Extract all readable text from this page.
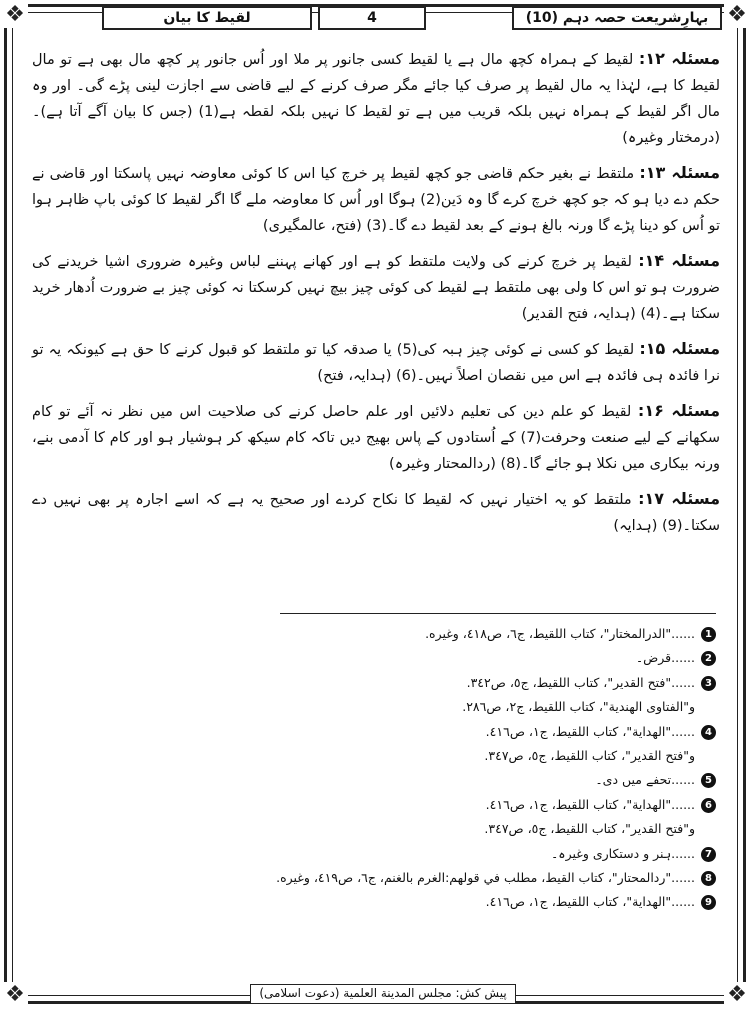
❖	❖
❖	❖
بہارِشریعت حصہ دہم (10)
4
لقیط کا بیان

مسئلہ ۱۲: لقیط کے ہمراہ کچھ مال ہے یا لقیط کسی جانور پر ملا اور اُس جانور پر کچھ مال بھی ہے تو مال لقیط کا ہے، لہٰذا یہ مال لقیط پر صرف کیا جائے مگر صرف کرنے کے لیے قاضی سے اجازت لینی پڑے گی۔ اور وہ مال اگر لقیط کے ہمراہ نہیں بلکہ قریب میں ہے تو لقیط کا نہیں بلکہ لقطہ ہے(1) (جس کا بیان آگے آتا ہے)۔ (درمختار وغیرہ)

مسئلہ ۱۳: ملتقط نے بغیر حکم قاضی جو کچھ لقیط پر خرچ کیا اس کا کوئی معاوضہ نہیں پاسکتا اور قاضی نے حکم دے دیا ہو کہ جو کچھ خرچ کرے گا وہ دَین(2) ہوگا اور اُس کا معاوضہ ملے گا اگر لقیط کا کوئی باپ ظاہر ہوا تو اُس کو دینا پڑے گا ورنہ بالغ ہونے کے بعد لقیط دے گا۔(3) (فتح، عالمگیری)

مسئلہ ۱۴: لقیط پر خرچ کرنے کی ولایت ملتقط کو ہے اور کھانے پہننے لباس وغیرہ ضروری اشیا خریدنے کی ضرورت ہو تو اس کا ولی بھی ملتقط ہے لقیط کی کوئی چیز بیچ نہیں کرسکتا نہ کوئی چیز بے ضرورت اُدھار خرید سکتا ہے۔(4) (ہدایہ، فتح القدیر)

مسئلہ ۱۵: لقیط کو کسی نے کوئی چیز ہبہ کی(5) یا صدقہ کیا تو ملتقط کو قبول کرنے کا حق ہے کیونکہ یہ تو نرا فائدہ ہی فائدہ ہے اس میں نقصان اصلاً نہیں۔(6) (ہدایہ، فتح)

مسئلہ ۱۶: لقیط کو علم دین کی تعلیم دلائیں اور علم حاصل کرنے کی صلاحیت اس میں نظر نہ آئے تو کام سکھانے کے لیے صنعت وحرفت(7) کے اُستادوں کے پاس بھیج دیں تاکہ کام سیکھ کر ہوشیار ہو اور کام کا آدمی بنے، ورنہ بیکاری میں نکلا ہو جائے گا۔(8) (ردالمحتار وغیرہ)

مسئلہ ۱۷: ملتقط کو یہ اختیار نہیں کہ لقیط کا نکاح کردے اور صحیح یہ ہے کہ اسے اجارہ پر بھی نہیں دے سکتا۔(9) (ہدایہ)

1......"الدرالمختار"، كتاب اللقيط، ج٦، ص٤١٨، وغيره.
2......قرض۔
3......"فتح القدير"، كتاب اللقيط، ج٥، ص٣٤٢.
و"الفتاوى الهندية"، كتاب اللقيط، ج٢، ص٢٨٦.
4......"الهداية"، كتاب اللقيط، ج١، ص٤١٦.
و"فتح القدير"، كتاب اللقيط، ج٥، ص٣٤٧.
5......تحفے میں دی۔
6......"الهداية"، كتاب اللقيط، ج١، ص٤١٦.
و"فتح القدير"، كتاب اللقيط، ج٥، ص٣٤٧.
7......ہنر و دستکاری وغیرہ۔
8......"ردالمحتار"، كتاب القيط، مطلب في قولهم:الغرم بالغنم، ج٦، ص٤١٩، وغيره.
9......"الهداية"، كتاب اللقيط، ج١، ص٤١٦.
پیش کش: مجلس المدینة العلمیة (دعوت اسلامی)
